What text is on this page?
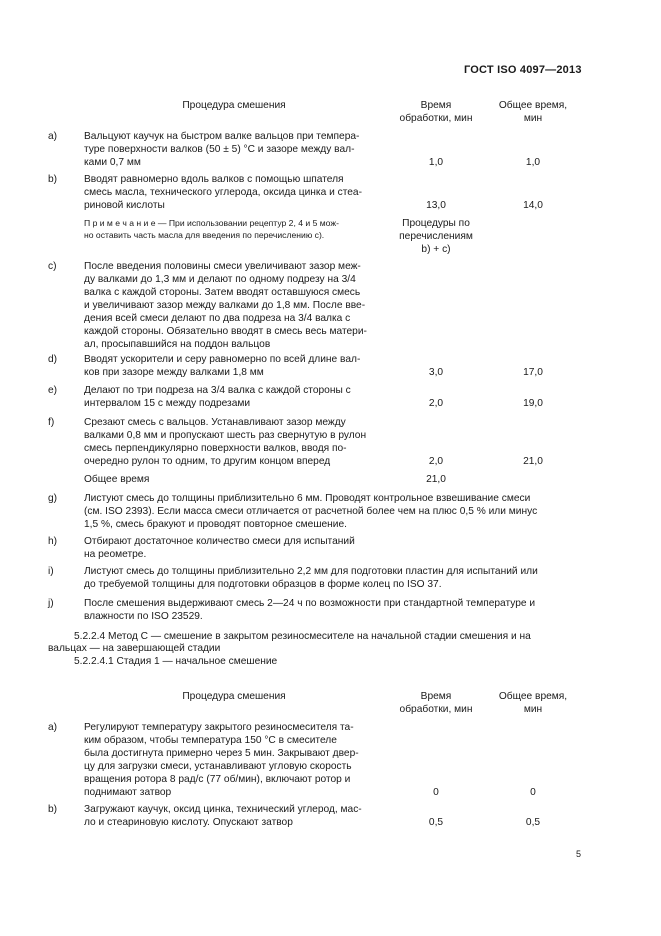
ГОСТ ISO 4097—2013
Процедура смешения	Время
обработки, мин
Общее время,
мин
a)	Вальцуют каучук на быстром валке вальцов при темпера-
туре поверхности валков (50 ± 5) °С и зазоре между вал-
ками 0,7 мм	1,0	1,0
b)	Вводят равномерно вдоль валков с помощью шпателя
смесь масла, технического углерода, оксида цинка и стеа-
риновой кислоты	13,0	14,0
П р и м е ч а н и е — При использовании рецептур 2, 4 и 5 мож-
но оставить часть масла для введения по перечислению с).
Процедуры по
перечислениям
b) + c)
c)	После введения половины смеси увеличивают зазор меж-
ду валками до 1,3 мм и делают по одному подрезу на 3/4
валка с каждой стороны. Затем вводят оставшуюся смесь
и увеличивают зазор между валками до 1,8 мм. После вве-
дения всей смеси делают по два подреза на 3/4 валка с
каждой стороны. Обязательно вводят в смесь весь матери-
ал, просыпавшийся на поддон вальцов
d)	Вводят ускорители и серу равномерно по всей длине вал-
ков при зазоре между валками 1,8 мм	3,0	17,0
e)	Делают по три подреза на 3/4 валка с каждой стороны с
интервалом 15 с между подрезами	2,0	19,0
f)	Срезают смесь с вальцов. Устанавливают зазор между
валками 0,8 мм и пропускают шесть раз свернутую в рулон
смесь перпендикулярно поверхности валков, вводя по-
очередно рулон то одним, то другим концом вперед	2,0	21,0
Общее время	21,0
g)	Листуют смесь до толщины приблизительно 6 мм. Проводят контрольное взвешивание смеси
(см. ISO 2393). Если масса смеси отличается от расчетной более чем на плюс 0,5 % или минус
1,5 %, смесь бракуют и проводят повторное смешение.
h)	Отбирают достаточное количество смеси для испытаний
на реометре.
i)	Листуют смесь до толщины приблизительно 2,2 мм для подготовки пластин для испытаний или
до требуемой толщины для подготовки образцов в форме колец по ISO 37.
j)	После смешения выдерживают смесь 2—24 ч по возможности при стандартной температуре и
влажности по ISO 23529.
5.2.2.4 Метод С — смешение в закрытом резиносмесителе на начальной стадии смешения и на
вальцах — на завершающей стадии
5.2.2.4.1 Стадия 1 — начальное смешение
Процедура смешения	Время
обработки, мин
Общее время,
мин
a)	Регулируют температуру закрытого резиносмесителя та-
ким образом, чтобы температура 150 °С в смесителе
была достигнута примерно через 5 мин. Закрывают двер-
цу для загрузки смеси, устанавливают угловую скорость
вращения ротора 8 рад/с (77 об/мин), включают ротор и
поднимают затвор	0	0
b)	Загружают каучук, оксид цинка, технический углерод, мас-
ло и стеариновую кислоту. Опускают затвор	0,5	0,5
5
